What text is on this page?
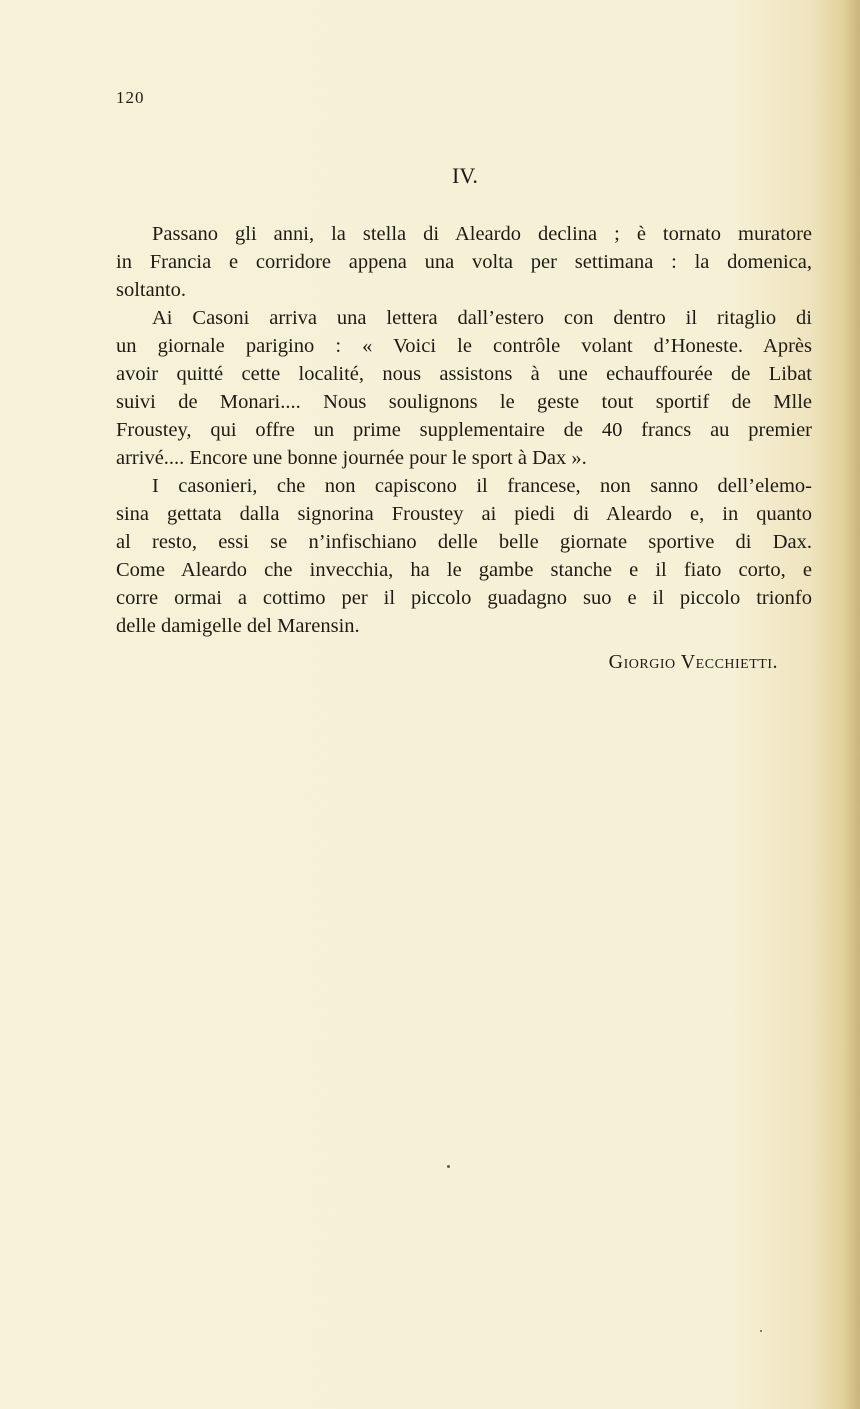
120
IV.
Passano gli anni, la stella di Aleardo declina ; è tornato muratore
in Francia e corridore appena una volta per settimana : la domenica,
soltanto.
Ai Casoni arriva una lettera dall’estero con dentro il ritaglio di
un giornale parigino : « Voici le contrôle volant d’Honeste. Après
avoir quitté cette localité, nous assistons à une echauffourée de Libat
suivi de Monari.... Nous soulignons le geste tout sportif de Mlle
Froustey, qui offre un prime supplementaire de 40 francs au premier
arrivé.... Encore une bonne journée pour le sport à Dax ».
I casonieri, che non capiscono il francese, non sanno dell’elemo-
sina gettata dalla signorina Froustey ai piedi di Aleardo e, in quanto
al resto, essi se n’infischiano delle belle giornate sportive di Dax.
Come Aleardo che invecchia, ha le gambe stanche e il fiato corto, e
corre ormai a cottimo per il piccolo guadagno suo e il piccolo trionfo
delle damigelle del Marensin.
Giorgio Vecchietti.
